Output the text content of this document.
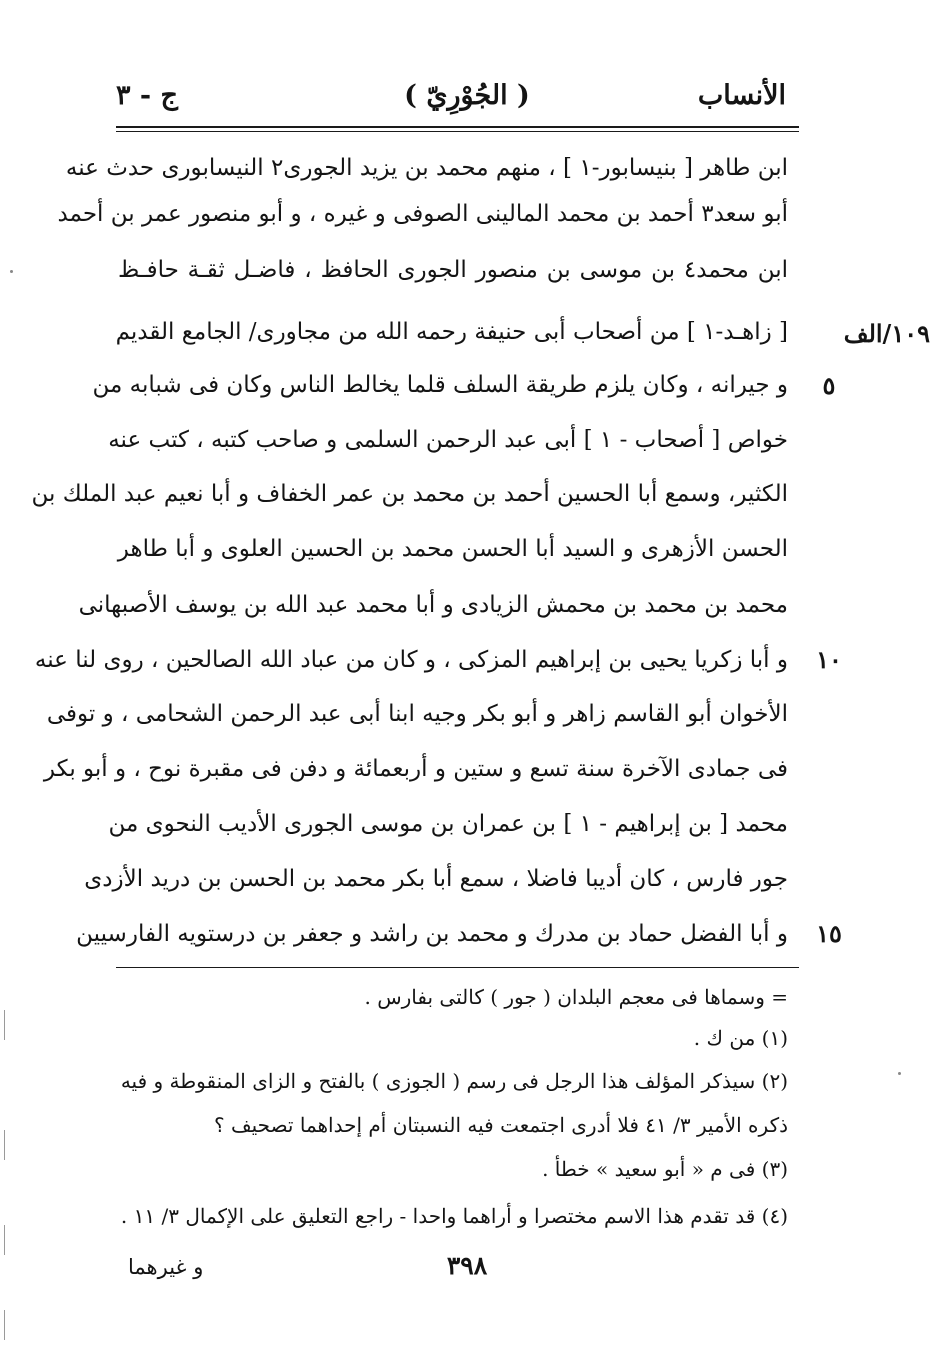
الأنساب
( الجُوْرِيّ )
ج - ٣
١٠٩/الف
٥
١٠
١٥
ابن طاهر [ بنيسابور-١ ] ، منهم محمد بن يزيد الجورى٢ النيسابورى حدث عنه
أبو سعد٣ أحمد بن محمد المالينى الصوفى و غيره ، و أبو منصور عمر بن أحمد
ابن محمد٤ بن موسى بن منصور الجورى الحافظ ، فاضـل ثقـة حافـظ
[ زاهـد-١ ] من أصحاب أبى حنيفة رحمه الله من مجاورى/ الجامع القديم
و جيرانه ، وكان يلزم طريقة السلف قلما يخالط الناس وكان فى شبابه من
خواص [ أصحاب - ١ ] أبى عبد الرحمن السلمى و صاحب كتبه ، كتب عنه
الكثير، وسمع أبا الحسين أحمد بن محمد بن عمر الخفاف و أبا نعيم عبد الملك بن
الحسن الأزهرى و السيد أبا الحسن محمد بن الحسين العلوى و أبا طاهر
محمد بن محمد بن محمش الزيادى و أبا محمد عبد الله بن يوسف الأصبهانى
و أبا زكريا يحيى بن إبراهيم المزكى ، و كان من عباد الله الصالحين ، روى لنا عنه
الأخوان أبو القاسم زاهر و أبو بكر وجيه ابنا أبى عبد الرحمن الشحامى ، و توفى
فى جمادى الآخرة سنة تسع و ستين و أربعمائة و دفن فى مقبرة نوح ، و أبو بكر
محمد [ بن إبراهيم - ١ ] بن عمران بن موسى الجورى الأديب النحوى من
جور فارس ، كان أديبا فاضلا ، سمع أبا بكر محمد بن الحسن بن دريد الأزدى
و أبا الفضل حماد بن مدرك و محمد بن راشد و جعفر بن درستويه الفارسيين
= وسماها فى معجم البلدان ( جور ) كالتى بفارس .
(١) من ك .
(٢) سيذكر المؤلف هذا الرجل فى رسم ( الجوزى ) بالفتح و الزاى المنقوطة و فيه
ذكره الأمير ٣/ ٤١ فلا أدرى اجتمعت فيه النسبتان أم إحداهما تصحيف ؟
(٣) فى م « أبو سعيد » خطأ .
(٤) قد تقدم هذا الاسم مختصرا و أراهما واحدا - راجع التعليق على الإكمال ٣/ ١١ .
٣٩٨
و غيرهما
